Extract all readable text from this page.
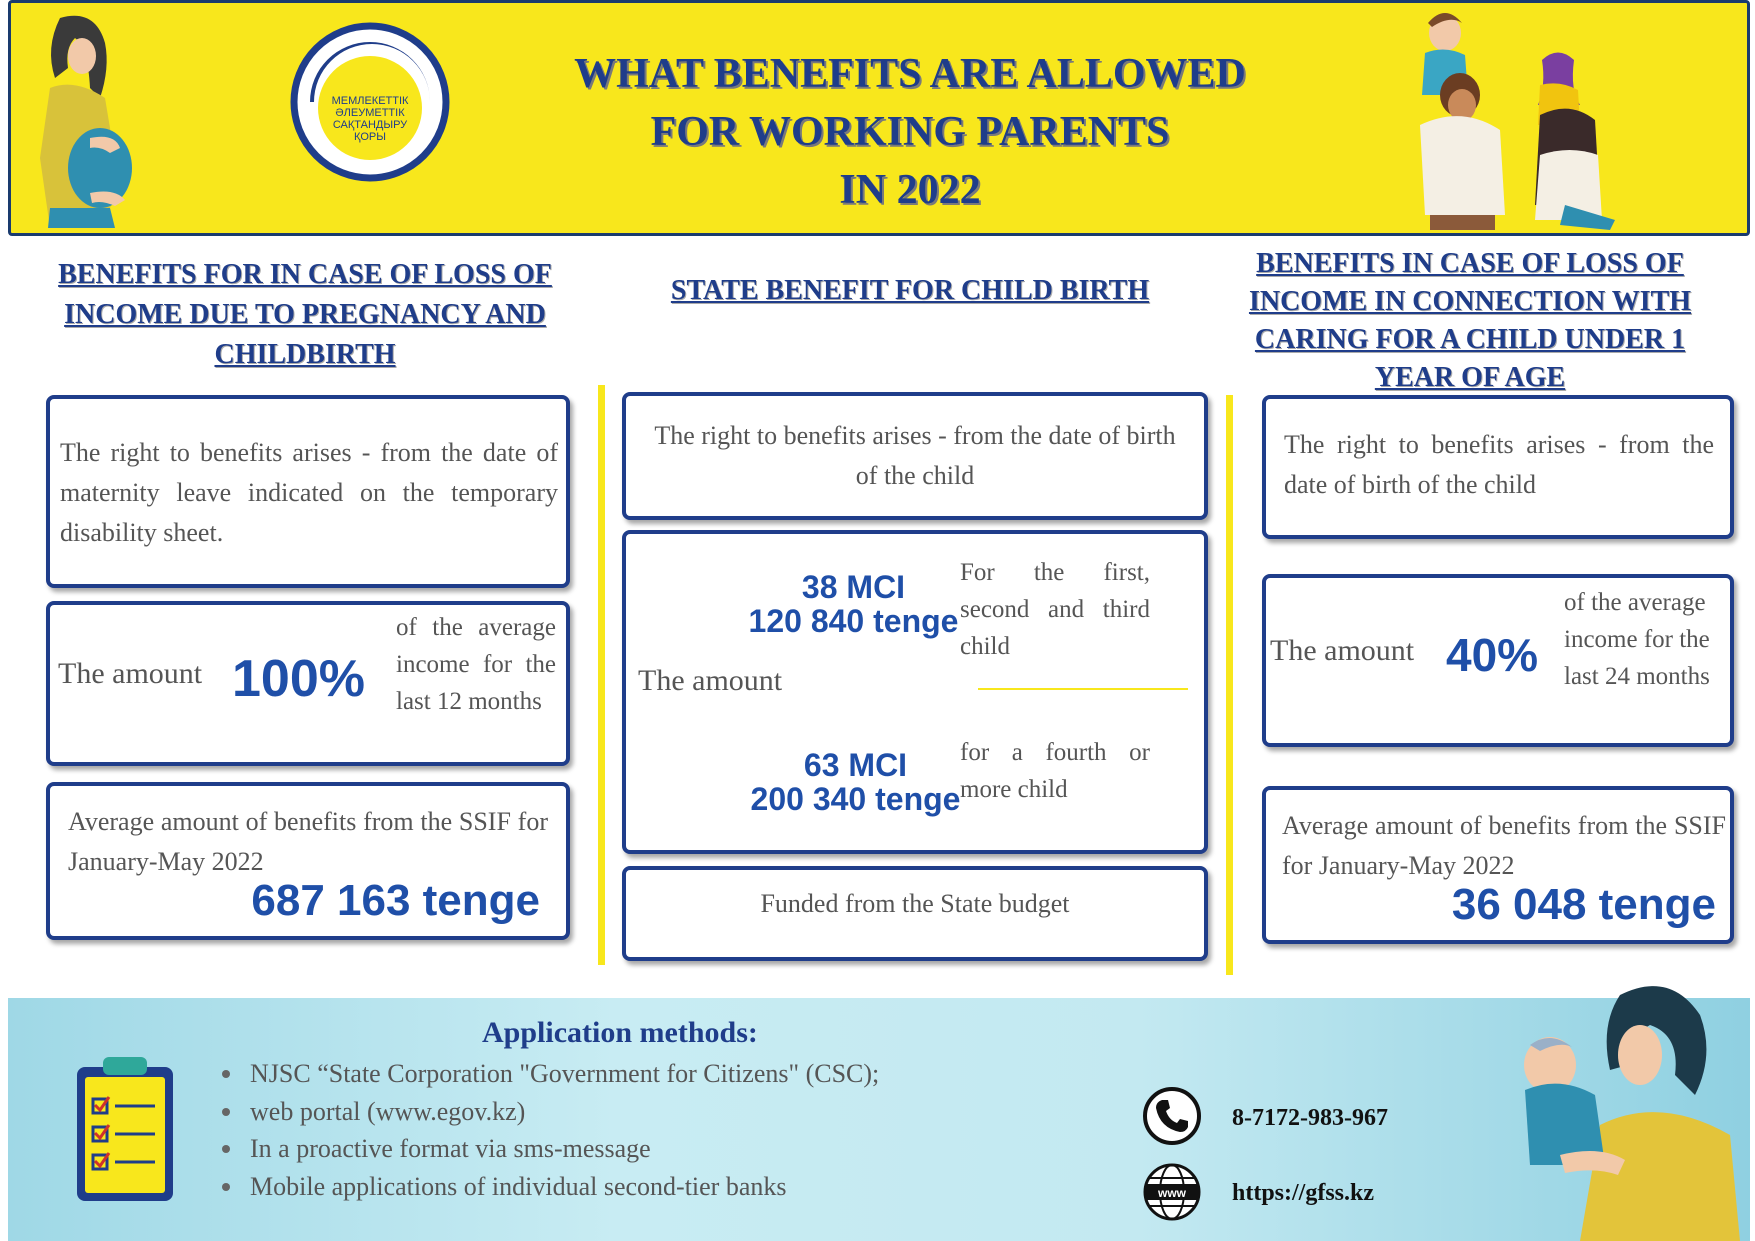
МЕМЛЕКЕТТІК
ӘЛЕУМЕТТІК
САҚТАНДЫРУ
ҚОРЫ
WHAT BENEFITS ARE ALLOWED
FOR WORKING PARENTS
IN 2022
BENEFITS FOR IN CASE OF LOSS OF INCOME DUE TO PREGNANCY AND CHILDBIRTH
STATE BENEFIT FOR CHILD BIRTH
BENEFITS IN CASE OF LOSS OF INCOME IN CONNECTION WITH CARING FOR A CHILD UNDER 1 YEAR OF AGE
The right to benefits arises - from the date of maternity leave indicated on the temporary disability sheet.
The amount 100%
of the average income for the last 12 months
Average amount of benefits from the SSIF for January-May 2022
687 163 tenge
The right to benefits arises - from the date of birth of the child
The amount
38 MCI
120 840 tenge
For the first, second and third child
63 MCI
200 340 tenge
for a fourth or more child
Funded from the State budget
The right to benefits arises - from the date of birth of the child
The amount 40%
of the average income for the last 24 months
Average amount of benefits from the SSIF for January-May 2022
36 048 tenge
Application methods:
NJSC “State Corporation "Government for Citizens" (CSC);
web portal (www.egov.kz)
In a proactive format via sms-message
Mobile applications of individual second-tier banks
8-7172-983-967
www https://gfss.kz
